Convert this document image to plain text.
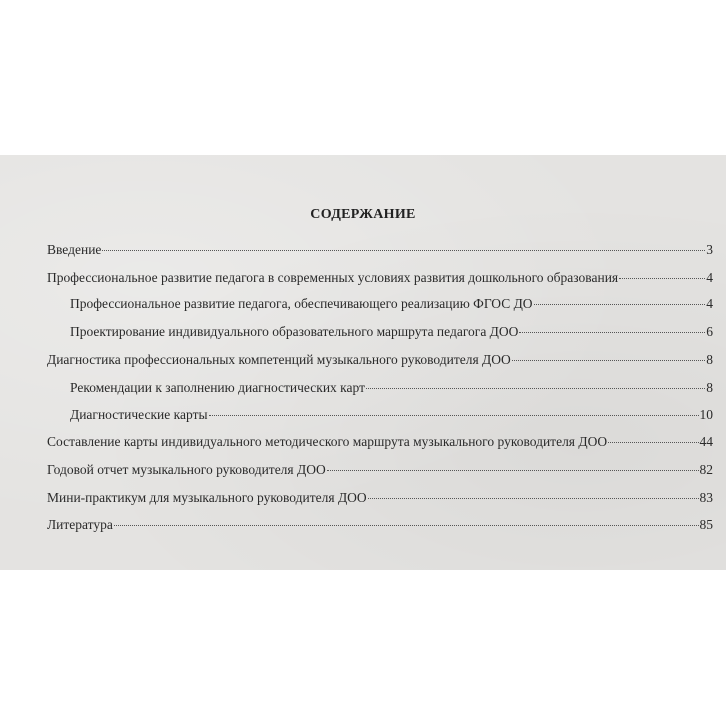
СОДЕРЖАНИЕ
Введение	3
Профессиональное развитие педагога в современных условиях развития дошкольного образования	4
Профессиональное развитие педагога, обеспечивающего реализацию ФГОС ДО	4
Проектирование индивидуального образовательного маршрута педагога ДОО	6
Диагностика профессиональных компетенций музыкального руководителя ДОО	8
Рекомендации к заполнению диагностических карт	8
Диагностические карты	10
Составление карты индивидуального методического маршрута музыкального руководителя ДОО	44
Годовой отчет музыкального руководителя ДОО	82
Мини-практикум для музыкального руководителя ДОО	83
Литература	85
